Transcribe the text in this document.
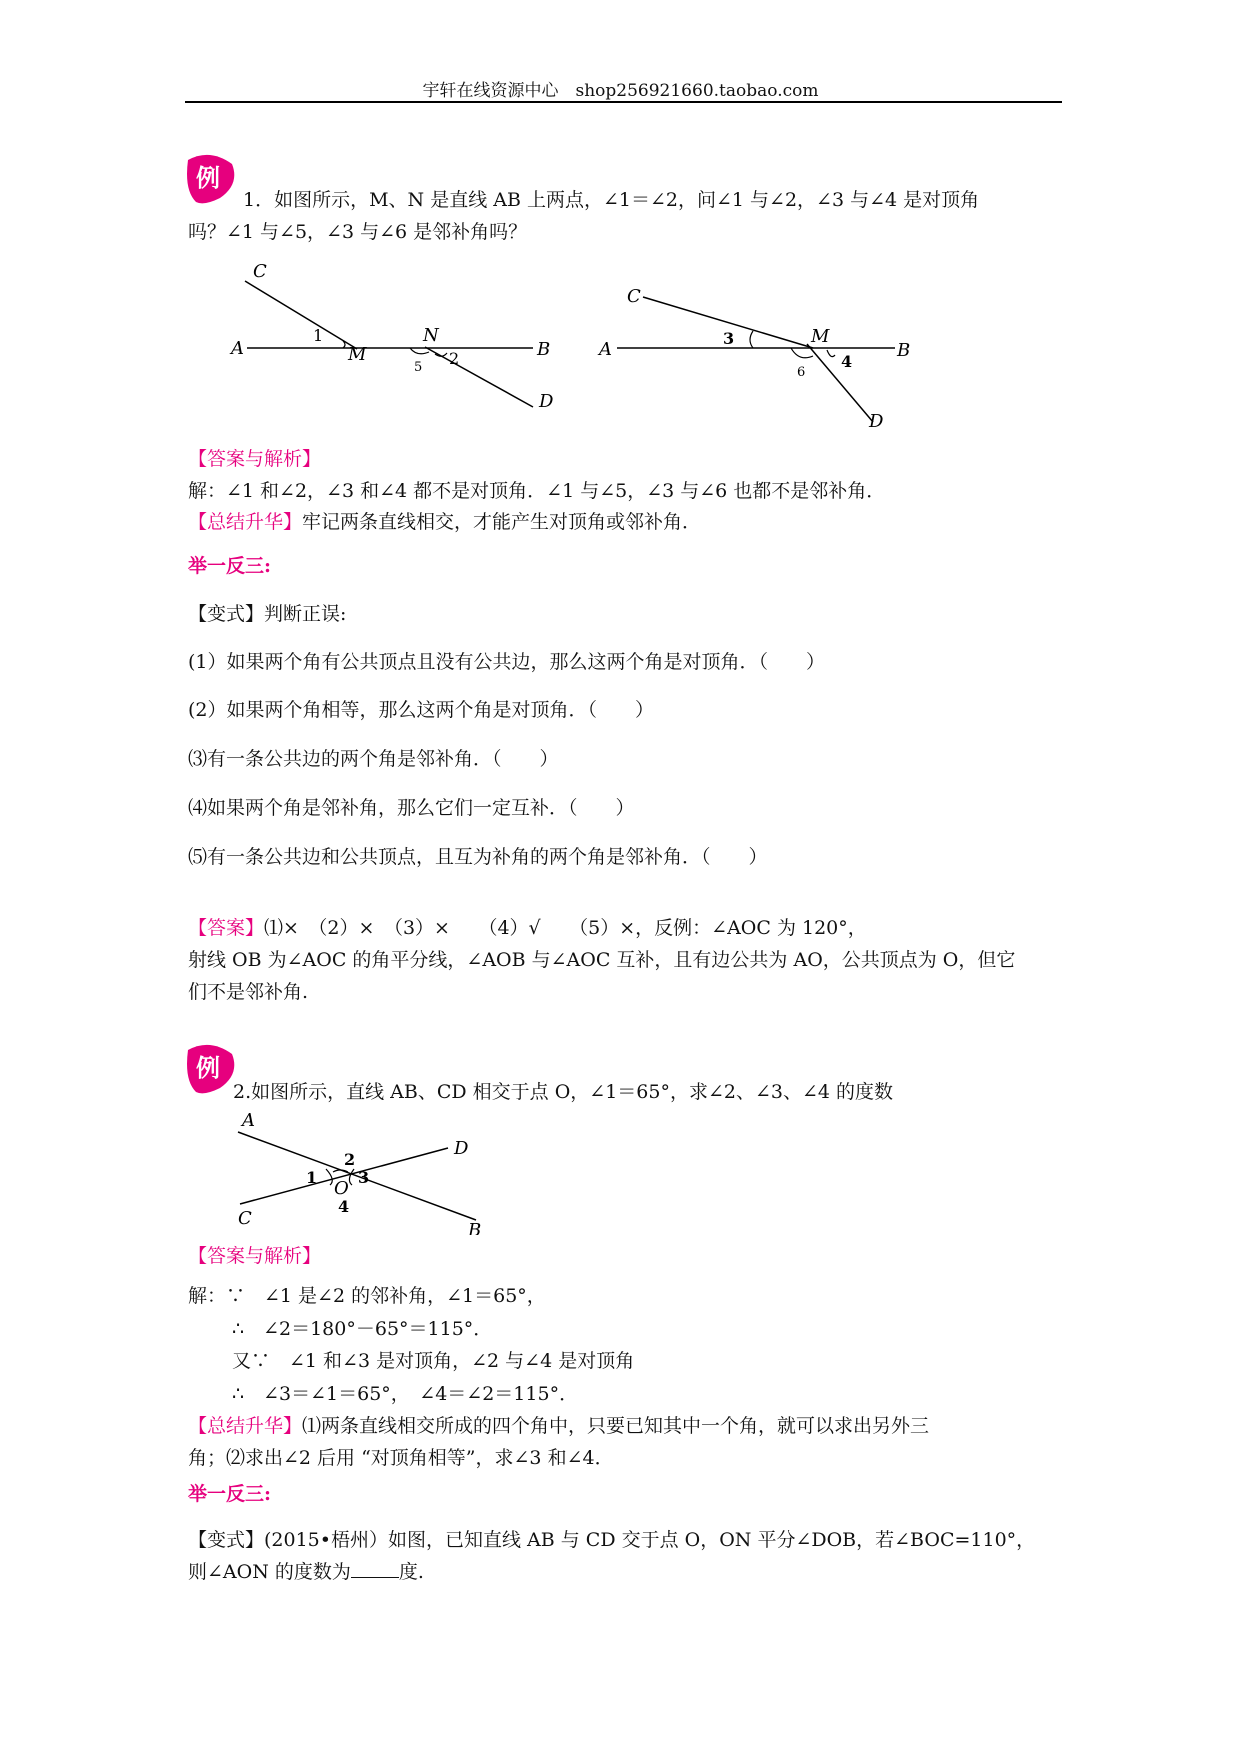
宇轩在线资源中心　shop256921660.taobao.com
例
1．如图所示，M、N 是直线 AB 上两点，∠1＝∠2，问∠1 与∠2，∠3 与∠4 是对顶角
吗？∠1 与∠5，∠3 与∠6 是邻补角吗？
C
A	M
N
B
D
1
2
5
C
A
M
B
D
3
4
6
【答案与解析】
解：∠1 和∠2，∠3 和∠4 都不是对顶角．∠1 与∠5，∠3 与∠6 也都不是邻补角．
【总结升华】牢记两条直线相交，才能产生对顶角或邻补角．
举一反三:
【变式】判断正误:
(1）如果两个角有公共顶点且没有公共边，那么这两个角是对顶角．（　　）
(2）如果两个角相等，那么这两个角是对顶角．（　　）
⑶有一条公共边的两个角是邻补角．（　　）
⑷如果两个角是邻补角，那么它们一定互补．（　　）
⑸有一条公共边和公共顶点，且互为补角的两个角是邻补角．（　　）
【答案】⑴×　（2）×　（3）×　　（4）√　　（5）×，反例：∠AOC 为 120°，
射线 OB 为∠AOC 的角平分线，∠AOB 与∠AOC 互补，且有边公共为 AO，公共顶点为 O，但它
们不是邻补角.
例
2.如图所示，直线 AB、CD 相交于点 O，∠1＝65°，求∠2、∠3、∠4 的度数
A
D
C
B
O
1
2
3
4
【答案与解析】
解：∵　∠1 是∠2 的邻补角，∠1＝65°，
∴　∠2＝180°－65°＝115°．
又∵　∠1 和∠3 是对顶角，∠2 与∠4 是对顶角
∴　∠3＝∠1＝65°，　∠4＝∠2＝115°．
【总结升华】⑴两条直线相交所成的四个角中，只要已知其中一个角，就可以求出另外三
角；⑵求出∠2 后用 “对顶角相等”，求∠3 和∠4．
举一反三:
【变式】(2015•梧州）如图，已知直线 AB 与 CD 交于点 O，ON 平分∠DOB，若∠BOC=110°，
则∠AON 的度数为	度.
